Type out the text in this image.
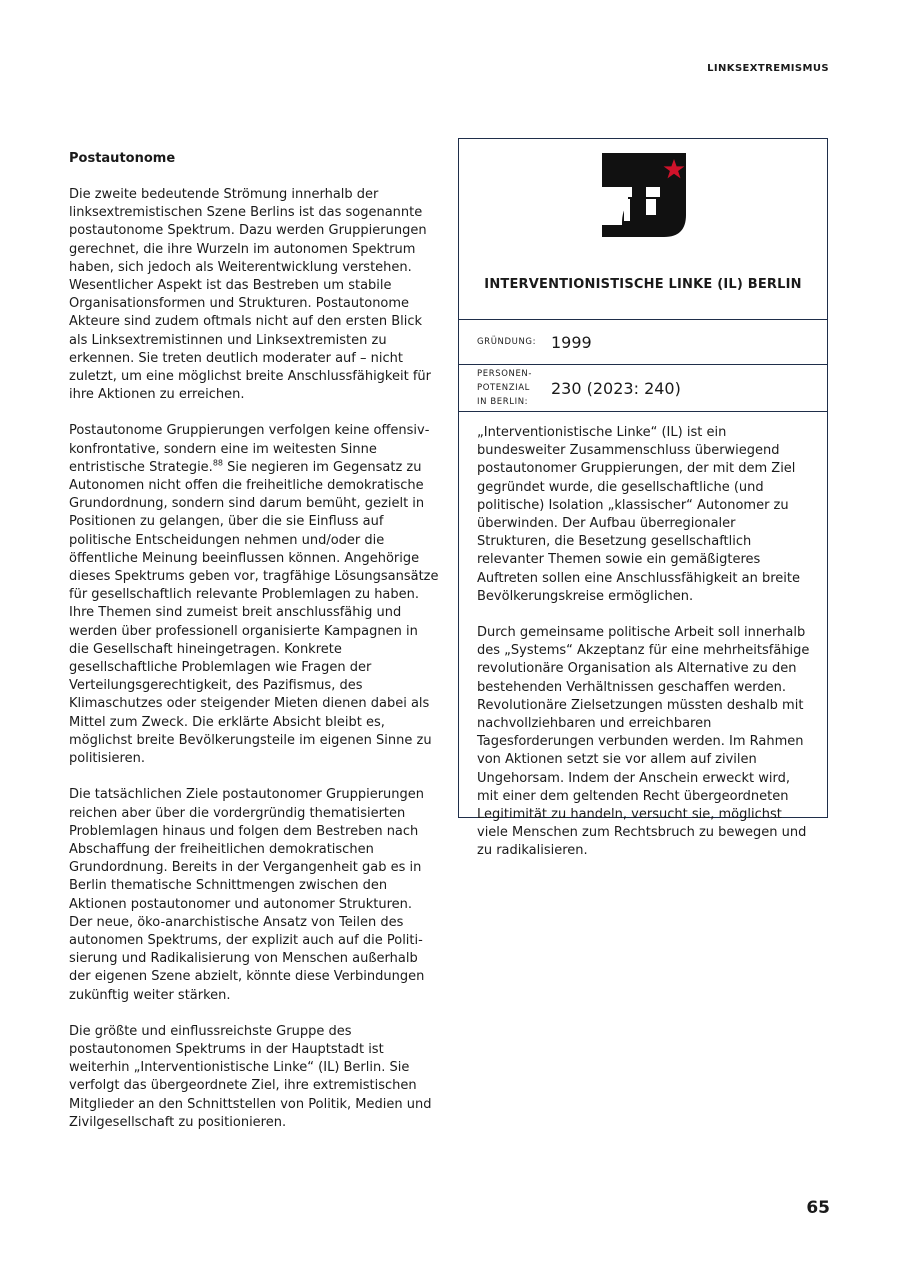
LINKSEXTREMISMUS
Postautonome

Die zweite bedeutende Strömung innerhalb der linksextremistischen Szene Berlins ist das sogenannte postautonome Spektrum. Dazu werden Gruppierungen gerechnet, die ihre Wurzeln im autonomen Spektrum haben, sich jedoch als Weiterentwicklung verstehen. Wesentlicher Aspekt ist das Bestreben um stabile Organisationsformen und Strukturen. Postautonome Akteure sind zudem oftmals nicht auf den ersten Blick als Linksextremistinnen und Linksextremisten zu erkennen. Sie treten deutlich moderater auf – nicht zuletzt, um eine möglichst breite Anschlussfähigkeit für ihre Aktionen zu erreichen.

Postautonome Gruppierungen verfolgen keine offensivkonfrontative, sondern eine im weitesten Sinne entristische Strategie.$^{88}$ Sie negieren im Gegensatz zu Autonomen nicht offen die freiheitliche demokratische Grundordnung, sondern sind darum bemüht, gezielt in Positionen zu gelangen, über die sie Einfluss auf politische Entscheidungen nehmen und/oder die öffentliche Meinung beeinflussen können. Angehörige dieses Spektrums geben vor, tragfähige Lösungsansätze für gesellschaftlich relevante Problemlagen zu haben. Ihre Themen sind zumeist breit anschlussfähig und werden über professionell organisierte Kampagnen in die Gesellschaft hineingetragen. Konkrete gesellschaftliche Problemlagen wie Fragen der Verteilungsgerechtigkeit, des Pazifismus, des Klimaschutzes oder steigender Mieten dienen dabei als Mittel zum Zweck. Die erklärte Absicht bleibt es, möglichst breite Bevölkerungsteile im eigenen Sinne zu politisieren.

Die tatsächlichen Ziele postautonomer Gruppierungen reichen aber über die vordergründig thematisierten Problemlagen hinaus und folgen dem Bestreben nach Abschaffung der freiheitlichen demokratischen Grundordnung. Bereits in der Vergangenheit gab es in Berlin thematische Schnittmengen zwischen den Aktionen postautonomer und autonomer Strukturen. Der neue, öko-anarchistische Ansatz von Teilen des autonomen Spektrums, der explizit auch auf die Politisierung und Radikalisierung von Menschen außerhalb der eigenen Szene abzielt, könnte diese Verbindungen zukünftig weiter stärken.

Die größte und einflussreichste Gruppe des postautonomen Spektrums in der Hauptstadt ist weiterhin „Interventionistische Linke“ (IL) Berlin. Sie verfolgt das übergeordnete Ziel, ihre extremistischen Mitglieder an den Schnittstellen von Politik, Medien und Zivilgesellschaft zu positionieren.

INTERVENTIONISTISCHE LINKE (IL) BERLIN
GRÜNDUNG: 1999
PERSONEN-
POTENZIAL
IN BERLIN:
230 (2023: 240)

„Interventionistische Linke“ (IL) ist ein bundesweiter Zusammenschluss überwiegend postautonomer Gruppierungen, der mit dem Ziel gegründet wurde, die gesellschaftliche (und politische) Isolation „klassischer“ Autonomer zu überwinden. Der Aufbau überregionaler Strukturen, die Besetzung gesellschaftlich relevanter Themen sowie ein gemäßigteres Auftreten sollen eine Anschlussfähigkeit an breite Bevölkerungskreise ermöglichen.

Durch gemeinsame politische Arbeit soll innerhalb des „Systems“ Akzeptanz für eine mehrheitsfähige revolutionäre Organisation als Alternative zu den bestehenden Verhältnissen geschaffen werden. Revolutionäre Zielsetzungen müssten deshalb mit nachvollziehbaren und erreichbaren Tagesforderungen verbunden werden. Im Rahmen von Aktionen setzt sie vor allem auf zivilen Ungehorsam. Indem der Anschein erweckt wird, mit einer dem geltenden Recht übergeordneten Legitimität zu handeln, versucht sie, möglichst viele Menschen zum Rechtsbruch zu bewegen und zu radikalisieren.

65
